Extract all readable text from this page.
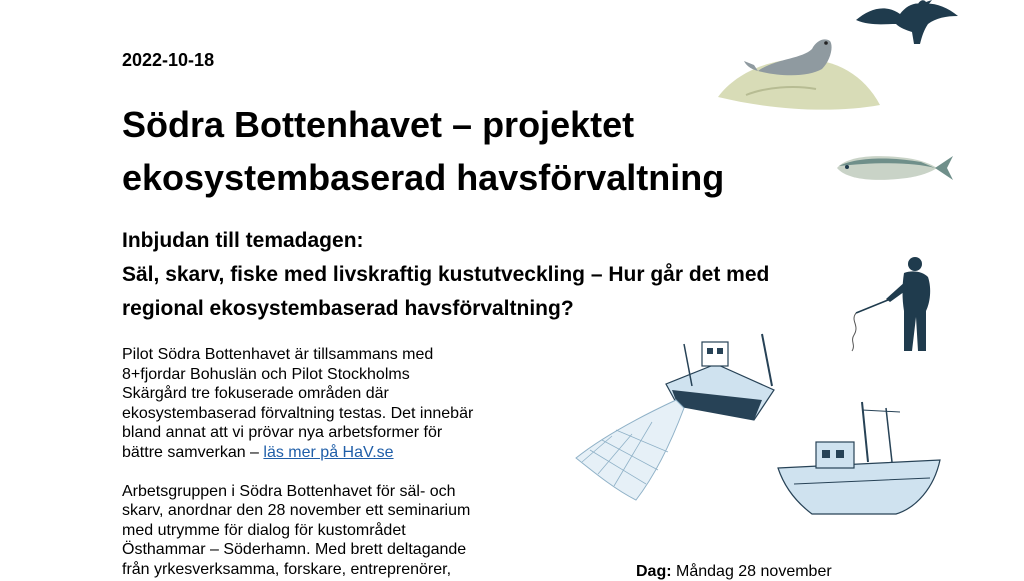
2022-10-18
Södra Bottenhavet – projektet
ekosystembaserad havsförvaltning
Inbjudan till temadagen:
Säl, skarv, fiske med livskraftig kustutveckling – Hur går det med
regional ekosystembaserad havsförvaltning?

Pilot Södra Bottenhavet är tillsammans med
8+fjordar Bohuslän och Pilot Stockholms
Skärgård tre fokuserade områden där
ekosystembaserad förvaltning testas. Det innebär
bland annat att vi prövar nya arbetsformer för
bättre samverkan – läs mer på HaV.se

Arbetsgruppen i Södra Bottenhavet för säl- och
skarv, anordnar den 28 november ett seminarium
med utrymme för dialog för kustområdet
Östhammar – Söderhamn. Med brett deltagande
från yrkesverksamma, forskare, entreprenörer,	Dag: Måndag 28 november
